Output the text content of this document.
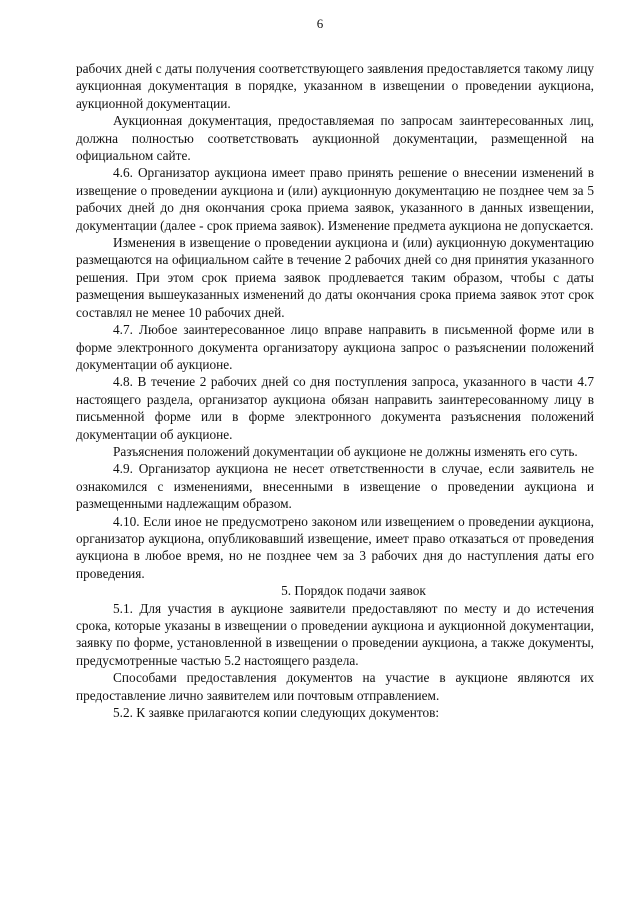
6

рабочих дней с даты получения соответствующего заявления предоставляется такому лицу аукционная документация в порядке, указанном в извещении о проведении аукциона, аукционной документации.

Аукционная документация, предоставляемая по запросам заинтересованных лиц, должна полностью соответствовать аукционной документации, размещенной на официальном сайте.

4.6. Организатор аукциона имеет право принять решение о внесении изменений в извещение о проведении аукциона и (или) аукционную документацию не позднее чем за 5 рабочих дней до дня окончания срока приема заявок, указанного в данных извещении, документации (далее - срок приема заявок). Изменение предмета аукциона не допускается.

Изменения в извещение о проведении аукциона и (или) аукционную документацию размещаются на официальном сайте в течение 2 рабочих дней со дня принятия указанного решения. При этом срок приема заявок продлевается таким образом, чтобы с даты размещения вышеуказанных изменений до даты окончания срока приема заявок этот срок составлял не менее 10 рабочих дней.

4.7. Любое заинтересованное лицо вправе направить в письменной форме или в форме электронного документа организатору аукциона запрос о разъяснении положений документации об аукционе.

4.8. В течение 2 рабочих дней со дня поступления запроса, указанного в части 4.7 настоящего раздела, организатор аукциона обязан направить заинтересованному лицу в письменной форме или в форме электронного документа разъяснения положений документации об аукционе.

Разъяснения положений документации об аукционе не должны изменять его суть.

4.9. Организатор аукциона не несет ответственности в случае, если заявитель не ознакомился с изменениями, внесенными в извещение о проведении аукциона и размещенными надлежащим образом.

4.10. Если иное не предусмотрено законом или извещением о проведении аукциона, организатор аукциона, опубликовавший извещение, имеет право отказаться от проведения аукциона в любое время, но не позднее чем за 3 рабочих дня до наступления даты его проведения.

5. Порядок подачи заявок

5.1. Для участия в аукционе заявители предоставляют по месту и до истечения срока, которые указаны в извещении о проведении аукциона и аукционной документации, заявку по форме, установленной в извещении о проведении аукциона, а также документы, предусмотренные частью 5.2 настоящего раздела.

Способами предоставления документов на участие в аукционе являются их предоставление лично заявителем или почтовым отправлением.

5.2. К заявке прилагаются копии следующих документов:
